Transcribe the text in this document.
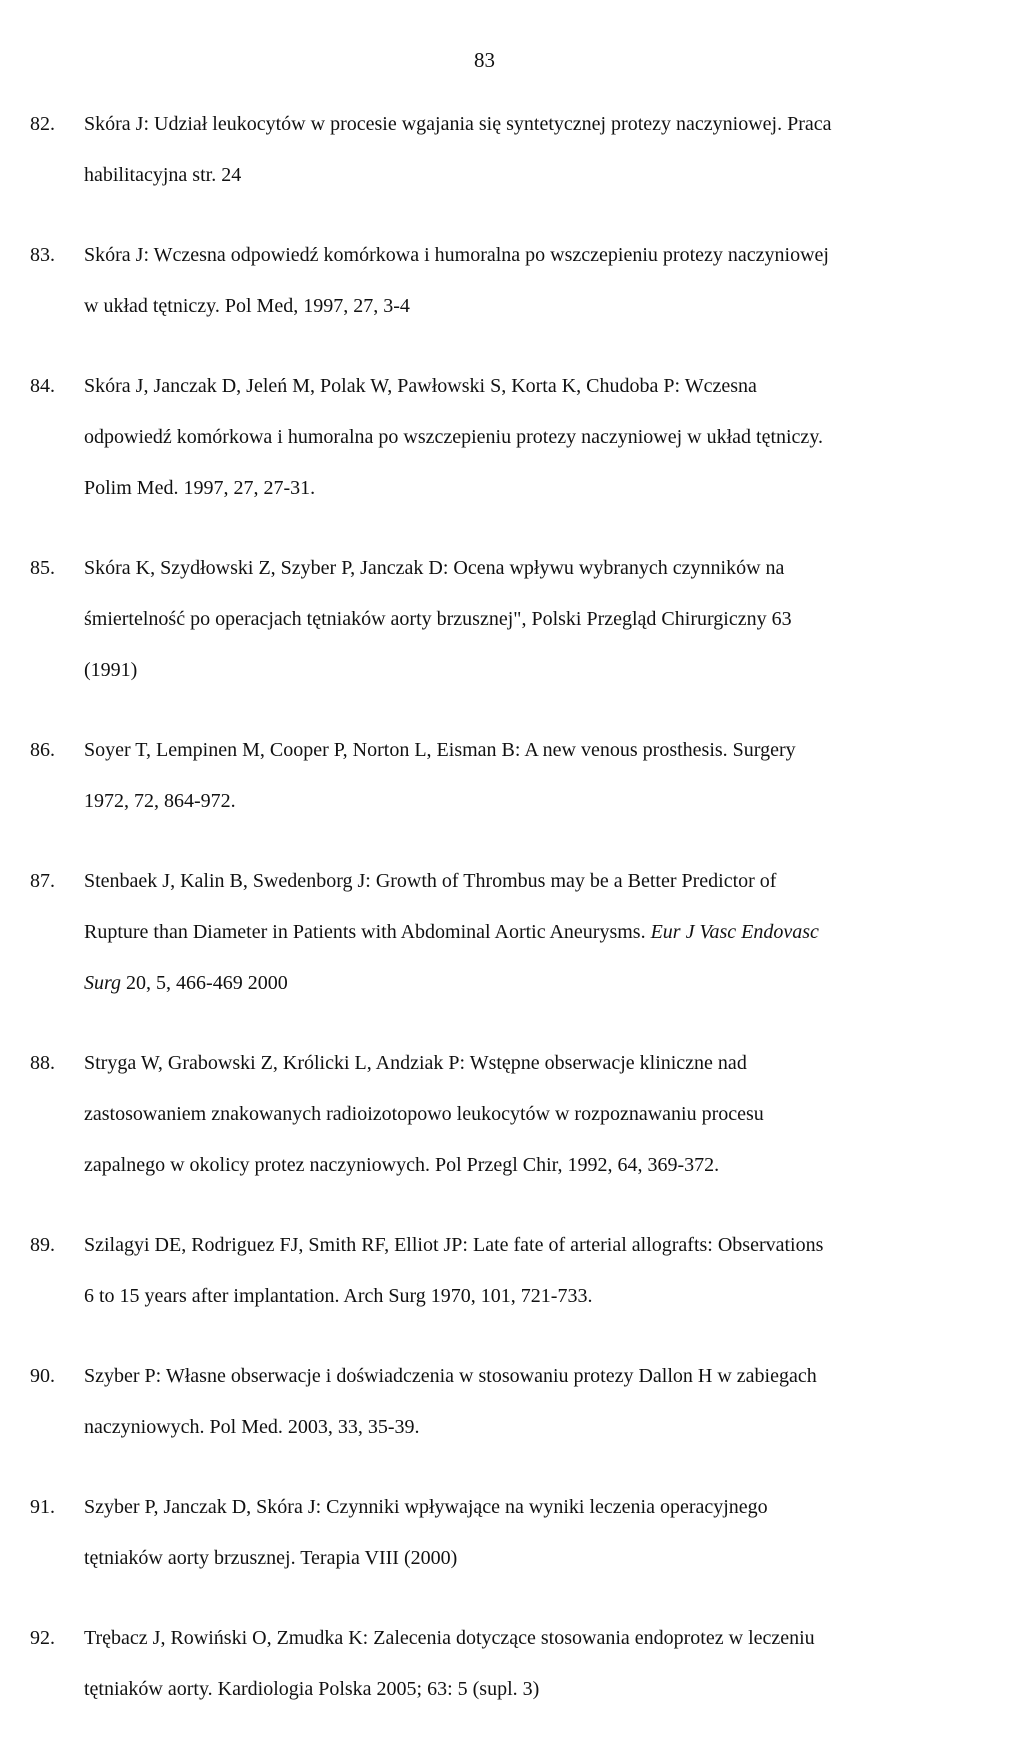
83
82.	Skóra J: Udział leukocytów w procesie wgajania się syntetycznej protezy naczyniowej. Praca
habilitacyjna str. 24
83.	Skóra J: Wczesna odpowiedź komórkowa i humoralna po wszczepieniu protezy naczyniowej
w układ tętniczy. Pol Med, 1997, 27, 3-4
84.	Skóra J, Janczak D, Jeleń M, Polak W, Pawłowski S, Korta K, Chudoba P: Wczesna
odpowiedź komórkowa i humoralna po wszczepieniu protezy naczyniowej w układ tętniczy.
Polim Med. 1997, 27, 27-31.
85.	Skóra K, Szydłowski Z, Szyber P, Janczak D: Ocena wpływu wybranych czynników na
śmiertelność po operacjach tętniaków aorty brzusznej", Polski Przegląd Chirurgiczny 63
(1991)
86.	Soyer T, Lempinen M, Cooper P, Norton L, Eisman B: A new venous prosthesis. Surgery
1972, 72, 864-972.
87.	Stenbaek J, Kalin B, Swedenborg J: Growth of Thrombus may be a Better Predictor of
Rupture than Diameter in Patients with Abdominal Aortic Aneurysms. Eur J Vasc Endovasc
Surg 20, 5, 466-469 2000
88.	Stryga W, Grabowski Z, Królicki L, Andziak P: Wstępne obserwacje kliniczne nad
zastosowaniem znakowanych radioizotopowo leukocytów w rozpoznawaniu procesu
zapalnego w okolicy protez naczyniowych. Pol Przegl Chir, 1992, 64, 369-372.
89.	Szilagyi DE, Rodriguez FJ, Smith RF, Elliot JP: Late fate of arterial allografts: Observations
6 to 15 years after implantation. Arch Surg 1970, 101, 721-733.
90.	Szyber P: Własne obserwacje i doświadczenia w stosowaniu protezy Dallon H w zabiegach
naczyniowych. Pol Med. 2003, 33, 35-39.
91.	Szyber P, Janczak D, Skóra J: Czynniki wpływające na wyniki leczenia operacyjnego
tętniaków aorty brzusznej. Terapia VIII (2000)
92.	Trębacz J, Rowiński O, Zmudka K: Zalecenia dotyczące stosowania endoprotez w leczeniu
tętniaków aorty. Kardiologia Polska 2005; 63: 5 (supl. 3)
